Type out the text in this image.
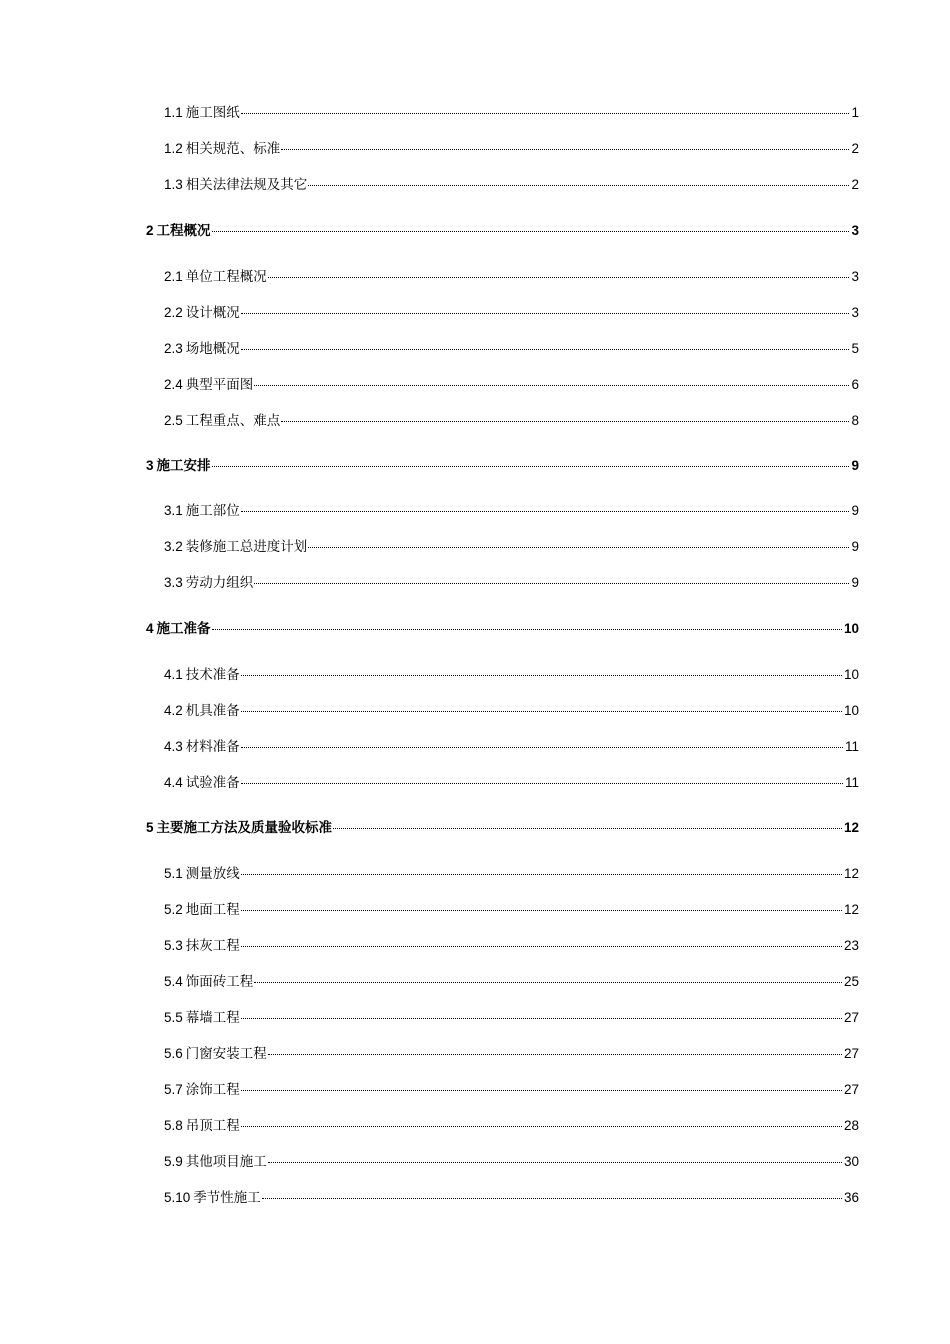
1.1 施工图纸	1
1.2 相关规范、标准	2
1.3 相关法律法规及其它	2
2 工程概况	3
2.1 单位工程概况	3
2.2 设计概况	3
2.3 场地概况	5
2.4 典型平面图	6
2.5 工程重点、难点	8
3 施工安排	9
3.1 施工部位	9
3.2 装修施工总进度计划	9
3.3 劳动力组织	9
4 施工准备	10
4.1 技术准备	10
4.2 机具准备	10
4.3 材料准备	11
4.4 试验准备	11
5 主要施工方法及质量验收标准	12
5.1 测量放线	12
5.2 地面工程	12
5.3 抹灰工程	23
5.4 饰面砖工程	25
5.5 幕墙工程	27
5.6 门窗安装工程	27
5.7 涂饰工程	27
5.8 吊顶工程	28
5.9 其他项目施工	30
5.10 季节性施工	36
